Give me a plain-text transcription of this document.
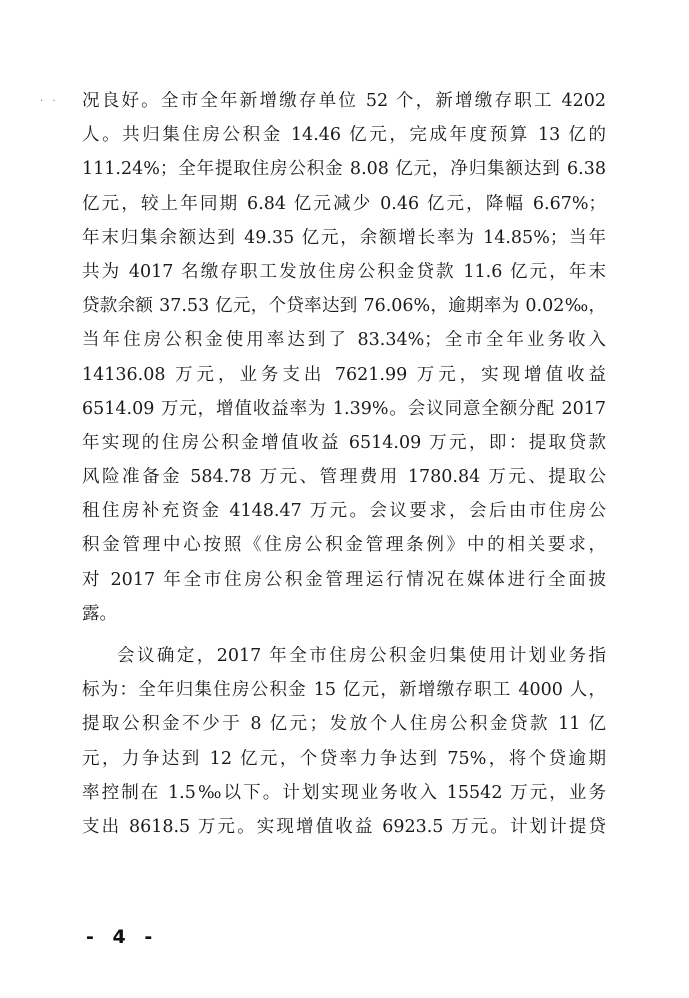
· · 况良好。全市全年新增缴存单位 52 个，新增缴存职工 4202
人。共归集住房公积金 14.46 亿元，完成年度预算 13 亿的
111.24%；全年提取住房公积金 8.08 亿元，净归集额达到 6.38
亿元，较上年同期 6.84 亿元减少 0.46 亿元，降幅 6.67%；
年末归集余额达到 49.35 亿元，余额增长率为 14.85%；当年
共为 4017 名缴存职工发放住房公积金贷款 11.6 亿元，年末
贷款余额 37.53 亿元，个贷率达到 76.06%，逾期率为 0.02‰，
当年住房公积金使用率达到了 83.34%；全市全年业务收入
14136.08 万元，业务支出 7621.99 万元，实现增值收益
6514.09 万元，增值收益率为 1.39%。会议同意全额分配 2017
年实现的住房公积金增值收益 6514.09 万元，即：提取贷款
风险准备金 584.78 万元、管理费用 1780.84 万元、提取公
租住房补充资金 4148.47 万元。会议要求，会后由市住房公
积金管理中心按照《住房公积金管理条例》中的相关要求，
对 2017 年全市住房公积金管理运行情况在媒体进行全面披
露。
会议确定，2017 年全市住房公积金归集使用计划业务指
标为：全年归集住房公积金 15 亿元，新增缴存职工 4000 人，
提取公积金不少于 8 亿元；发放个人住房公积金贷款 11 亿
元，力争达到 12 亿元，个贷率力争达到 75%，将个贷逾期
率控制在 1.5‰以下。计划实现业务收入 15542 万元，业务
支出 8618.5 万元。实现增值收益 6923.5 万元。计划计提贷
- 4 -
